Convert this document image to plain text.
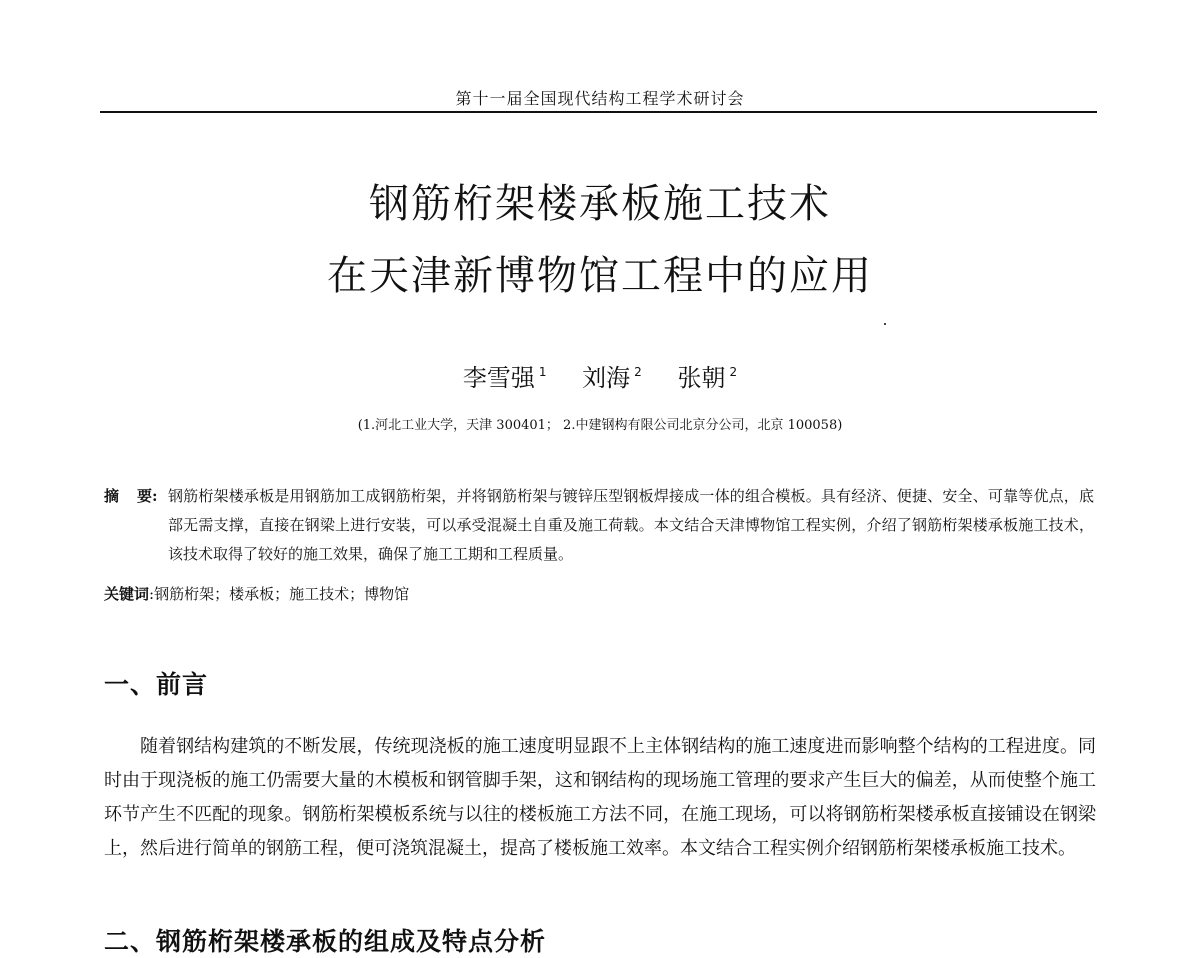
第十一届全国现代结构工程学术研讨会
钢筋桁架楼承板施工技术
在天津新博物馆工程中的应用
李雪强 $^1$ 刘海 $^2$ 张朝 $^2$
(1.河北工业大学，天津 300401； 2.中建钢构有限公司北京分公司，北京 100058)
摘 要: 钢筋桁架楼承板是用钢筋加工成钢筋桁架，并将钢筋桁架与镀锌压型钢板焊接成一体的组合模板。具有经济、便捷、安全、可靠等优点，底部无需支撑，直接在钢梁上进行安装，可以承受混凝土自重及施工荷载。本文结合天津博物馆工程实例，介绍了钢筋桁架楼承板施工技术，该技术取得了较好的施工效果，确保了施工工期和工程质量。
关键词:钢筋桁架；楼承板；施工技术；博物馆
一、前言
随着钢结构建筑的不断发展，传统现浇板的施工速度明显跟不上主体钢结构的施工速度进而影响整个结构的工程进度。同时由于现浇板的施工仍需要大量的木模板和钢管脚手架，这和钢结构的现场施工管理的要求产生巨大的偏差，从而使整个施工环节产生不匹配的现象。钢筋桁架模板系统与以往的楼板施工方法不同，在施工现场，可以将钢筋桁架楼承板直接铺设在钢梁上，然后进行简单的钢筋工程，便可浇筑混凝土，提高了楼板施工效率。本文结合工程实例介绍钢筋桁架楼承板施工技术。
二、钢筋桁架楼承板的组成及特点分析
